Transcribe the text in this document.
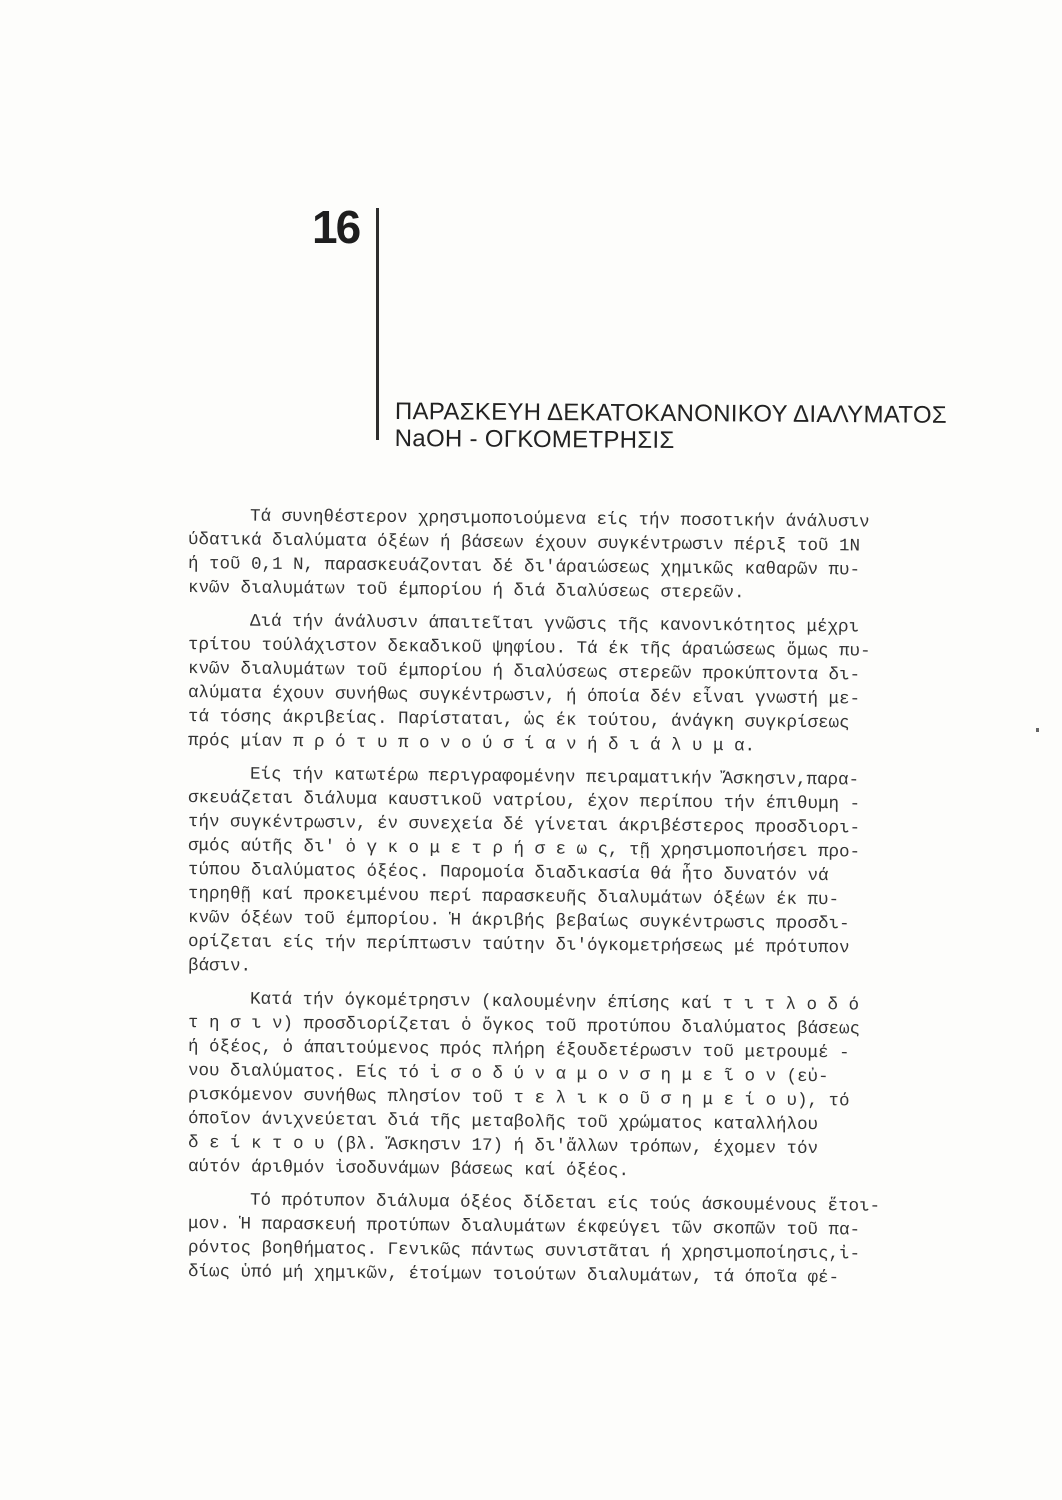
16
ΠΑΡΑΣΚΕΥΗ ΔΕΚΑΤΟΚΑΝΟΝΙΚΟΥ ΔΙΑΛΥΜΑΤΟΣ
NaOH - ΟΓΚΟΜΕΤΡΗΣΙΣ
Τά συνηθέστερον χρησιμοποιούμενα είς τήν ποσοτικήν άνάλυσιν
ύδατικά διαλύματα όξέων ή βάσεων έχουν συγκέντρωσιν πέριξ τοῦ 1N
ή τοῦ 0,1 N, παρασκευάζονται δέ δι'άραιώσεως χημικῶς καθαρῶν πυ-
κνῶν διαλυμάτων τοῦ έμπορίου ή διά διαλύσεως στερεῶν.
Διά τήν άνάλυσιν άπαιτεῖται γνῶσις τῆς κανονικότητος μέχρι
τρίτου τούλάχιστον δεκαδικοῦ ψηφίου. Τά έκ τῆς άραιώσεως ὅμως πυ-
κνῶν διαλυμάτων τοῦ έμπορίου ή διαλύσεως στερεῶν προκύπτοντα δι-
αλύματα έχουν συνήθως συγκέντρωσιν, ή όποία δέν εἶναι γνωστή με-
τά τόσης άκριβείας. Παρίσταται, ὡς έκ τούτου, άνάγκη συγκρίσεως
πρός μίαν π ρ ό τ υ π ο ν ο ύ σ ί α ν ή δ ι ά λ υ μ α.
Είς τήν κατωτέρω περιγραφομένην πειραματικήν Ἄσκησιν,παρα-
σκευάζεται διάλυμα καυστικοῦ νατρίου, έχον περίπου τήν έπιθυμη -
τήν συγκέντρωσιν, έν συνεχεία δέ γίνεται άκριβέστερος προσδιορι-
σμός αύτῆς δι' ὀ γ κ ο μ ε τ ρ ή σ ε ω ς, τῇ χρησιμοποιήσει προ-
τύπου διαλύματος όξέος. Παρομοία διαδικασία θά ἦτο δυνατόν νά
τηρηθῇ καί προκειμένου περί παρασκευῆς διαλυμάτων όξέων έκ πυ-
κνῶν όξέων τοῦ έμπορίου. Ἡ άκριβής βεβαίως συγκέντρωσις προσδι-
ορίζεται είς τήν περίπτωσιν ταύτην δι'όγκομετρήσεως μέ πρότυπον
βάσιν.
Κατά τήν όγκομέτρησιν (καλουμένην έπίσης καί τ ι τ λ ο δ ό
τ η σ ι ν) προσδιορίζεται ὁ ὄγκος τοῦ προτύπου διαλύματος βάσεως
ή όξέος, ὁ άπαιτούμενος πρός πλήρη έξουδετέρωσιν τοῦ μετρουμέ -
νου διαλύματος. Είς τό ἰ σ ο δ ύ ν α μ ο ν σ η μ ε ῖ ο ν (εὐ-
ρισκόμενον συνήθως πλησίον τοῦ τ ε λ ι κ ο ῦ σ η μ ε ί ο υ), τό
όποῖον άνιχνεύεται διά τῆς μεταβολῆς τοῦ χρώματος καταλλήλου
δ ε ί κ τ ο υ (βλ. Ἄσκησιν 17) ή δι'ἄλλων τρόπων, έχομεν τόν
αύτόν άριθμόν ἰσοδυνάμων βάσεως καί όξέος.
Τό πρότυπον διάλυμα όξέος δίδεται είς τούς άσκουμένους ἕτοι-
μον. Ἡ παρασκευή προτύπων διαλυμάτων έκφεύγει τῶν σκοπῶν τοῦ πα-
ρόντος βοηθήματος. Γενικῶς πάντως συνιστᾶται ή χρησιμοποίησις,ἰ-
δίως ὑπό μή χημικῶν, έτοίμων τοιούτων διαλυμάτων, τά όποῖα φέ-
